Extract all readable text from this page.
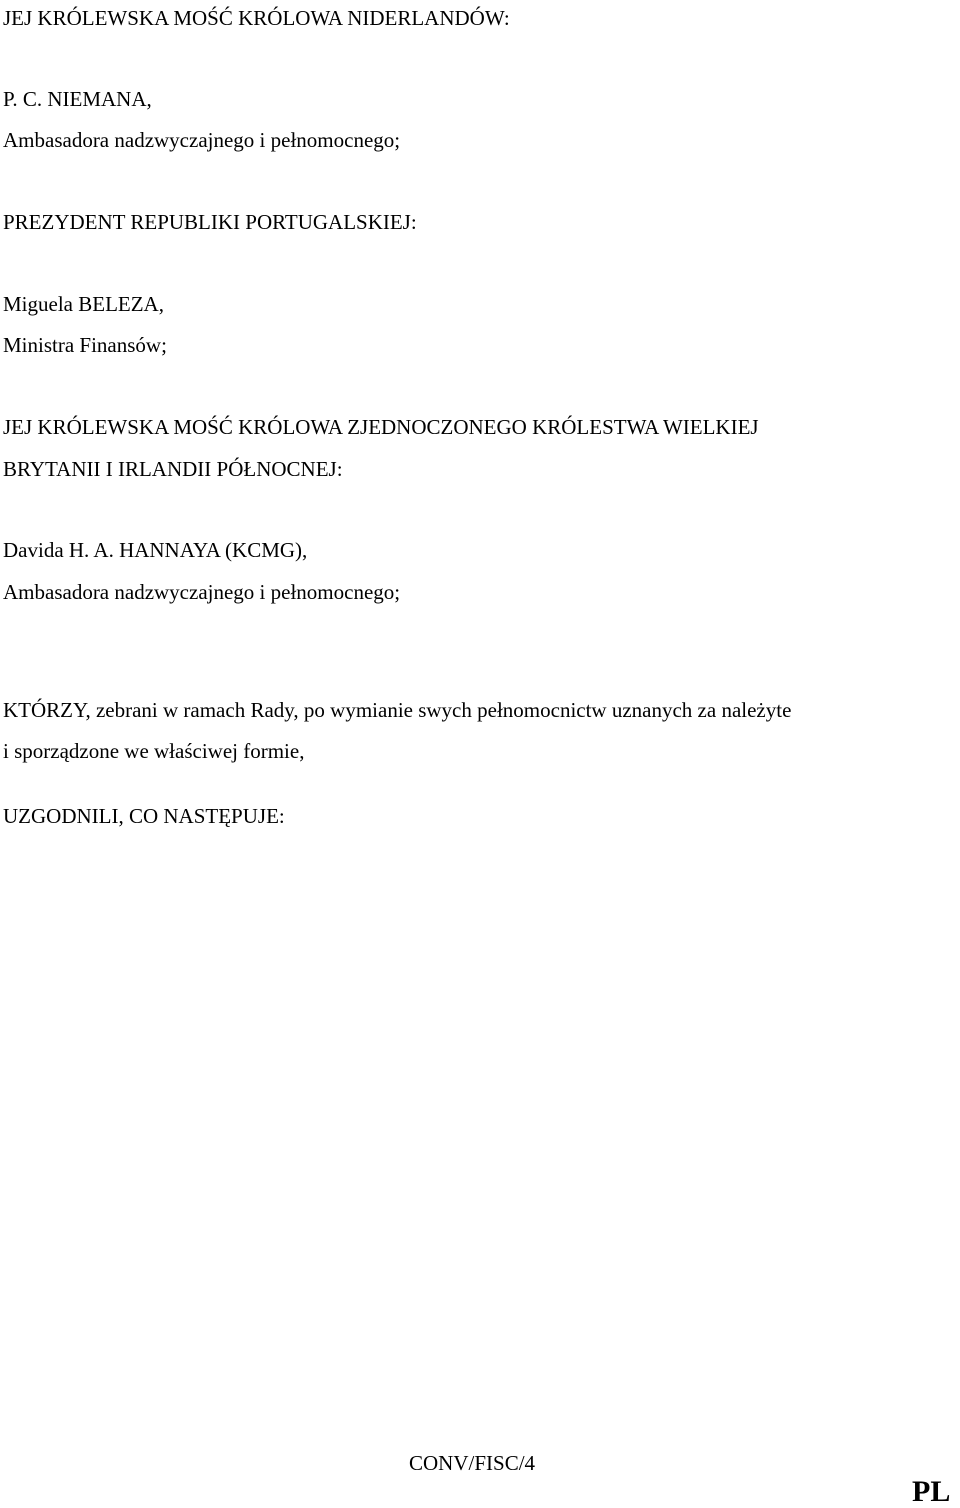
JEJ KRÓLEWSKA MOŚĆ KRÓLOWA NIDERLANDÓW:
P. C. NIEMANA,
Ambasadora nadzwyczajnego i pełnomocnego;
PREZYDENT REPUBLIKI PORTUGALSKIEJ:
Miguela BELEZA,
Ministra Finansów;
JEJ KRÓLEWSKA MOŚĆ KRÓLOWA ZJEDNOCZONEGO KRÓLESTWA WIELKIEJ
BRYTANII I IRLANDII PÓŁNOCNEJ:
Davida H. A. HANNAYA (KCMG),
Ambasadora nadzwyczajnego i pełnomocnego;
KTÓRZY, zebrani w ramach Rady, po wymianie swych pełnomocnictw uznanych za należyte
i sporządzone we właściwej formie,
UZGODNILI, CO NASTĘPUJE:
CONV/FISC/4
PL
